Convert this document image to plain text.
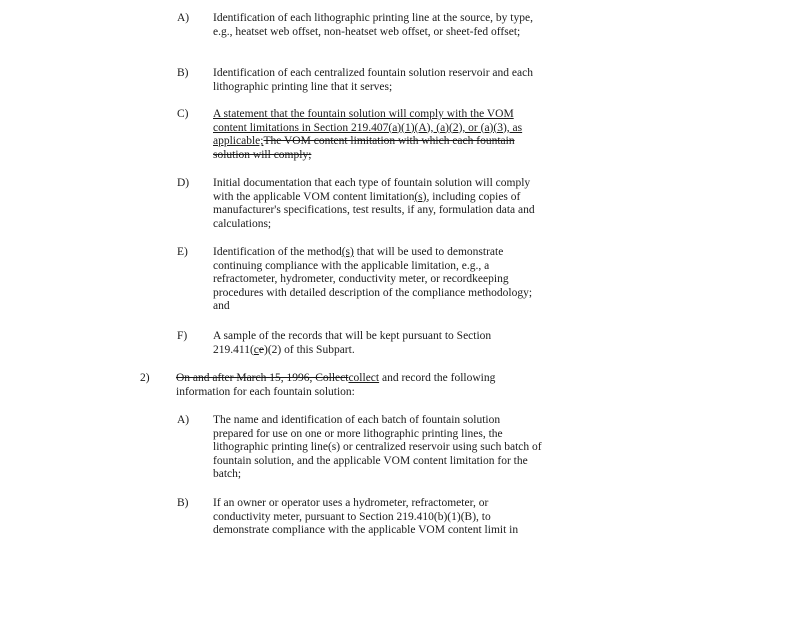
A) Identification of each lithographic printing line at the source, by type, e.g., heatset web offset, non-heatset web offset, or sheet-fed offset;
B) Identification of each centralized fountain solution reservoir and each lithographic printing line that it serves;
C) A statement that the fountain solution will comply with the VOM content limitations in Section 219.407(a)(1)(A), (a)(2), or (a)(3), as applicable;The VOM content limitation with which each fountain solution will comply;
D) Initial documentation that each type of fountain solution will comply with the applicable VOM content limitation(s), including copies of manufacturer's specifications, test results, if any, formulation data and calculations;
E) Identification of the method(s) that will be used to demonstrate continuing compliance with the applicable limitation, e.g., a refractometer, hydrometer, conductivity meter, or recordkeeping procedures with detailed description of the compliance methodology; and
F) A sample of the records that will be kept pursuant to Section 219.411(ce)(2) of this Subpart.
2) On and after March 15, 1996, Collectcollect and record the following information for each fountain solution:
A) The name and identification of each batch of fountain solution prepared for use on one or more lithographic printing lines, the lithographic printing line(s) or centralized reservoir using such batch of fountain solution, and the applicable VOM content limitation for the batch;
B) If an owner or operator uses a hydrometer, refractometer, or conductivity meter, pursuant to Section 219.410(b)(1)(B), to demonstrate compliance with the applicable VOM content limit in
